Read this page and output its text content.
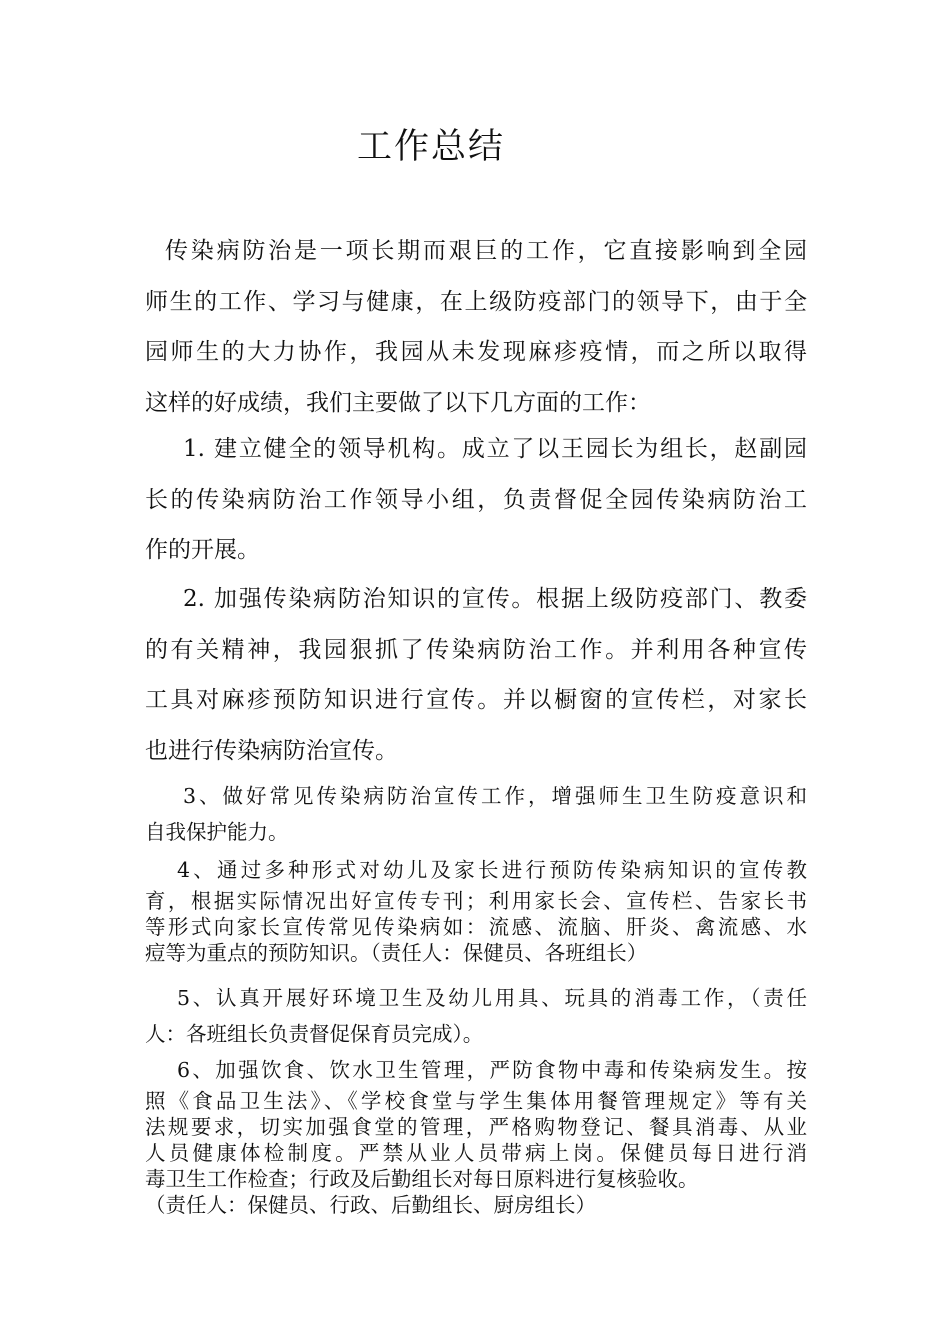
工作总结

传染病防治是一项长期而艰巨的工作，它直接影响到全园
师生的工作、学习与健康，在上级防疫部门的领导下，由于全
园师生的大力协作，我园从未发现麻疹疫情，而之所以取得
这样的好成绩，我们主要做了以下几方面的工作：

1. 建立健全的领导机构。成立了以王园长为组长，赵副园
长的传染病防治工作领导小组，负责督促全园传染病防治工
作的开展。

2. 加强传染病防治知识的宣传。根据上级防疫部门、教委
的有关精神，我园狠抓了传染病防治工作。并利用各种宣传
工具对麻疹预防知识进行宣传。并以橱窗的宣传栏，对家长
也进行传染病防治宣传。

3、做好常见传染病防治宣传工作，增强师生卫生防疫意识和
自我保护能力。

4、通过多种形式对幼儿及家长进行预防传染病知识的宣传教
育，根据实际情况出好宣传专刊；利用家长会、宣传栏、告家长书
等形式向家长宣传常见传染病如：流感、流脑、肝炎、禽流感、水
痘等为重点的预防知识。（责任人：保健员、各班组长）

5、认真开展好环境卫生及幼儿用具、玩具的消毒工作，（责任
人：各班组长负责督促保育员完成）。

6、加强饮食、饮水卫生管理，严防食物中毒和传染病发生。按
照《食品卫生法》、《学校食堂与学生集体用餐管理规定》等有关
法规要求，切实加强食堂的管理，严格购物登记、餐具消毒、从业
人员健康体检制度。严禁从业人员带病上岗。保健员每日进行消
毒卫生工作检查；行政及后勤组长对每日原料进行复核验收。
（责任人：保健员、行政、后勤组长、厨房组长）
